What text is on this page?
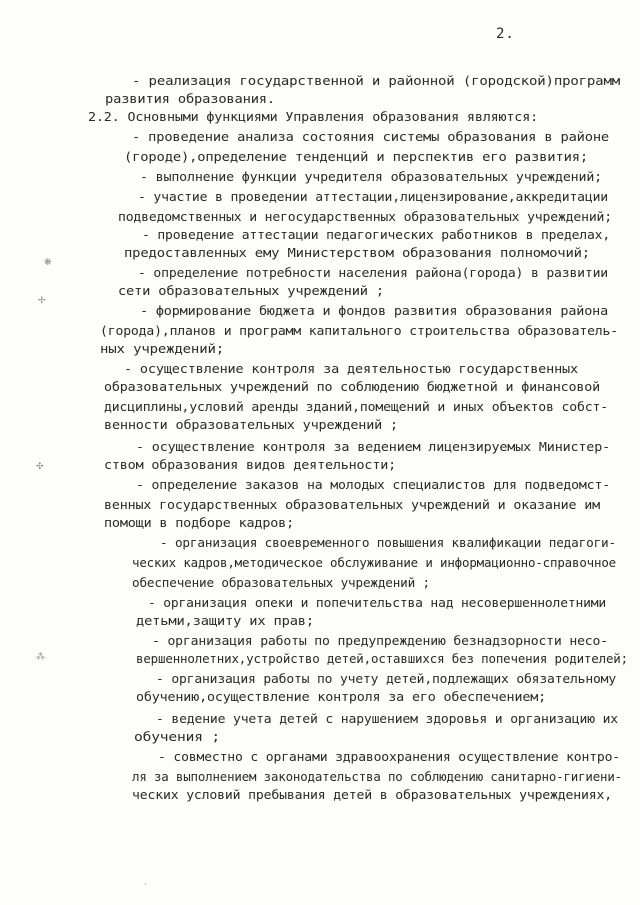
2.
- реализация государственной и районной (городской)программ
развития образования.
2.2. Основными функциями Управления образования являются:
- проведение анализа состояния системы образования в районе
(городе),определение тенденций и перспектив его развития;
- выполнение функции учредителя образовательных учреждений;
- участие в проведении аттестации,лицензирование,аккредитации
подведомственных и негосударственных образовательных учреждений;
- проведение аттестации педагогических работников в пределах,
предоставленных ему Министерством образования полномочий;
- определение потребности населения района(города) в развитии
сети образовательных учреждений ;
- формирование бюджета и фондов развития образования района
(города),планов и программ капитального строительства образователь-
ных учреждений;
- осуществление контроля за деятельностью государственных
образовательных учреждений по соблюдению бюджетной и финансовой
дисциплины,условий аренды зданий,помещений и иных объектов собст-
венности образовательных учреждений ;
- осуществление контроля за ведением лицензируемых Министер-
ством образования видов деятельности;
- определение заказов на молодых специалистов для подведомст-
венных государственных образовательных учреждений и оказание им
помощи в подборе кадров;
- организация своевременного повышения квалификации педагоги-
ческих кадров,методическое обслуживание и информационно-справочное
обеспечение образовательных учреждений ;
- организация опеки и попечительства над несовершеннолетними
детьми,защиту их прав;
- организация работы по предупреждению безнадзорности несо-
вершеннолетних,устройство детей,оставшихся без попечения родителей;
- организация работы по учету детей,подлежащих обязательному
обучению,осуществление контроля за его обеспечением;
- ведение учета детей с нарушением здоровья и организацию их
обучения ;
- совместно с органами здравоохранения осуществление контро-
ля за выполнением законодательства по соблюдению санитарно-гигиени-
ческих условий пребывания детей в образовательных учреждениях,
❋
✢
✣
⁂
·
